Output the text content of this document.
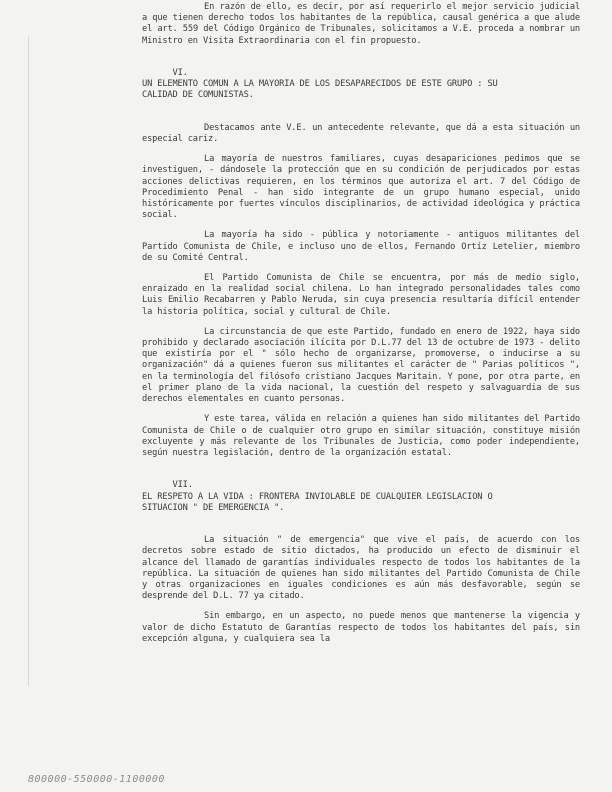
En razón de ello, es decir, por así requerirlo el mejor servicio judicial a que tienen derecho todos los habitantes de la república, causal genérica a que alude el art. 559 del Código Orgánico de Tribunales, solicitamos a V.E. proceda a nombrar un Ministro en Visita Extraordinaria con el fin propuesto.

VI.UN ELEMENTO COMUN A LA MAYORIA DE LOS DESAPARECIDOS DE ESTE GRUPO : SU CALIDAD DE COMUNISTAS.

Destacamos ante V.E. un antecedente relevante, que dá a esta situación un especial cariz.

La mayoría de nuestros familiares, cuyas desapariciones pedimos que se investiguen, - dándosele la protección que en su condición de perjudicados por estas acciones delictivas requieren, en los términos que autoriza el art. 7 del Código de Procedimiento Penal - han sido integrante de un grupo humano especial, unido históricamente por fuertes vínculos disciplinarios, de actividad ideológica y práctica social.

La mayoría ha sido - pública y notoriamente - antiguos militantes del Partido Comunista de Chile, e incluso uno de ellos, Fernando Ortíz Letelier, miembro de su Comité Central.

El Partido Comunista de Chile se encuentra, por más de medio siglo, enraizado en la realidad social chilena. Lo han integrado personalidades tales como Luis Emilio Recabarren y Pablo Neruda, sin cuya presencia resultaría difícil entender la historia política, social y cultural de Chile.

La circunstancia de que este Partido, fundado en enero de 1922, haya sido prohibido y declarado asociación ilícita por D.L.77 del 13 de octubre de 1973 - delito que existiría por el " sólo hecho de organizarse, promoverse, o inducirse a su organización" dá a quienes fueron sus militantes el carácter de " Parias políticos ", en la terminología del filósofo cristiano Jacques Maritain. Y pone, por otra parte, en el primer plano de la vida nacional, la cuestión del respeto y salvaguardia de sus derechos elementales en cuanto personas.

Y este tarea, válida en relación a quienes han sido militantes del Partido Comunista de Chile o de cualquier otro grupo en similar situación, constituye misión excluyente y más relevante de los Tribunales de Justicia, como poder independiente, según nuestra legislación, dentro de la organización estatal.

VII.EL RESPETO A LA VIDA : FRONTERA INVIOLABLE DE CUALQUIER LEGISLACION O SITUACION " DE EMERGENCIA ".

La situación " de emergencia" que vive el país, de acuerdo con los decretos sobre estado de sitio dictados, ha producido un efecto de disminuir el alcance del llamado de garantías individuales respecto de todos los habitantes de la república. La situación de quienes han sido militantes del Partido Comunista de Chile y otras organizaciones en iguales condiciones es aún más desfavorable, según se desprende del D.L. 77 ya citado.

Sin embargo, en un aspecto, no puede menos que mantenerse la vigencia y valor de dicho Estatuto de Garantías respecto de todos los habitantes del país, sin excepción alguna, y cualquiera sea la

800000-550000-1100000
